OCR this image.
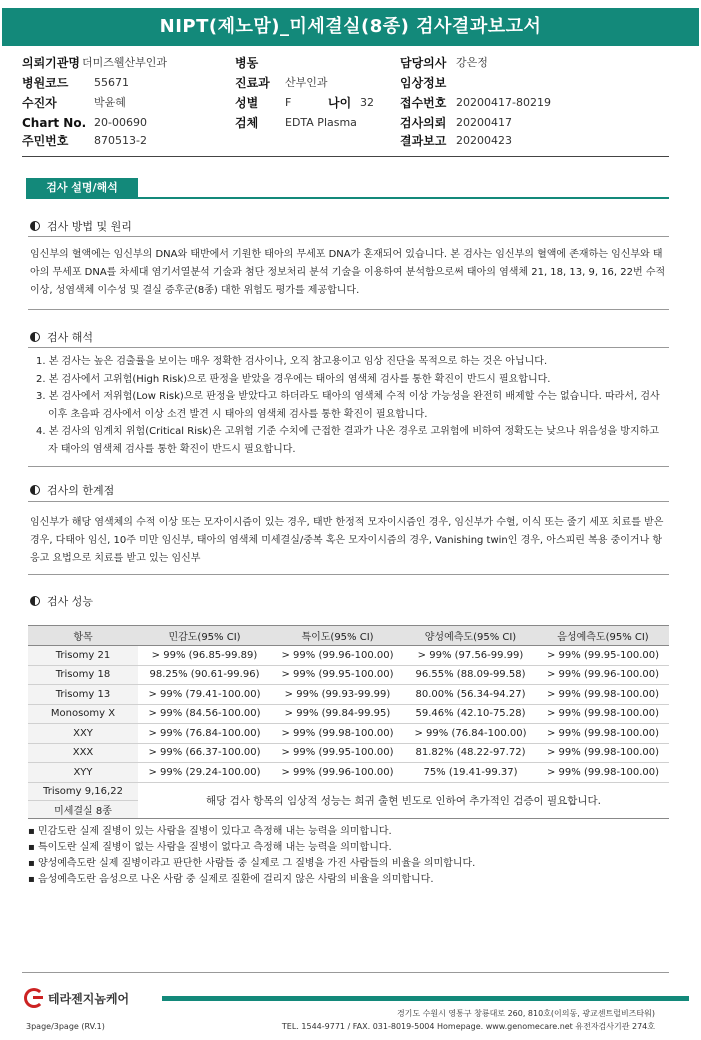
NIPT(제노맘)_미세결실(8종) 검사결과보고서
의뢰기관명 더미즈웰산부인과
병원코드 55671
수진자	박윤혜
Chart No. 20-00690
주민번호 870513-2
병동
진료과 산부인과
성별 F	나이 32
검체 EDTA Plasma
담당의사 강은정
임상정보
접수번호 20200417-80219
검사의뢰 20200417
결과보고 20200423
검사 설명/해석
검사 방법 및 원리
임신부의 혈액에는 임신부의 DNA와 태반에서 기원한 태아의 무세포 DNA가 혼재되어 있습니다. 본 검사는 임신부의 혈액에 존재하는 임신부와 태아의 무세포 DNA를 차세대 염기서열분석 기술과 첨단 정보처리 분석 기술을 이용하여 분석함으로써 태아의 염색체 21, 18, 13, 9, 16, 22번 수적 이상, 성염색체 이수성 및 결실 증후군(8종) 대한 위험도 평가를 제공합니다.
검사 해석
1. 본 검사는 높은 검출률을 보이는 매우 정확한 검사이나, 오직 참고용이고 임상 진단을 목적으로 하는 것은 아닙니다.
2. 본 검사에서 고위험(High Risk)으로 판정을 받았을 경우에는 태아의 염색체 검사를 통한 확진이 반드시 필요합니다.
3. 본 검사에서 저위험(Low Risk)으로 판정을 받았다고 하더라도 태아의 염색체 수적 이상 가능성을 완전히 배제할 수는 없습니다. 따라서, 검사 이후 초음파 검사에서 이상 소견 발견 시 태아의 염색체 검사를 통한 확진이 필요합니다.
4. 본 검사의 임계치 위험(Critical Risk)은 고위험 기준 수치에 근접한 결과가 나온 경우로 고위험에 비하여 정확도는 낮으나 위음성을 방지하고자 태아의 염색체 검사를 통한 확진이 반드시 필요합니다.
검사의 한계점
임신부가 해당 염색체의 수적 이상 또는 모자이시즘이 있는 경우, 태반 한정적 모자이시즘인 경우, 임신부가 수혈, 이식 또는 줄기 세포 치료를 받은 경우, 다태아 임신, 10주 미만 임신부, 태아의 염색체 미세결실/중복 혹은 모자이시즘의 경우, Vanishing twin인 경우, 아스피린 복용 중이거나 항 응고 요법으로 치료를 받고 있는 임신부
검사 성능
항목	민감도(95% CI)	특이도(95% CI)	양성예측도(95% CI)	음성예측도(95% CI)
Trisomy 21	> 99% (96.85-99.89)	> 99% (99.96-100.00)	> 99% (97.56-99.99)	> 99% (99.95-100.00)
Trisomy 18	98.25% (90.61-99.96)	> 99% (99.95-100.00)	96.55% (88.09-99.58)	> 99% (99.96-100.00)
Trisomy 13	> 99% (79.41-100.00)	> 99% (99.93-99.99)	80.00% (56.34-94.27)	> 99% (99.98-100.00)
Monosomy X	> 99% (84.56-100.00)	> 99% (99.84-99.95)	59.46% (42.10-75.28)	> 99% (99.98-100.00)
XXY	> 99% (76.84-100.00)	> 99% (99.98-100.00)	> 99% (76.84-100.00)	> 99% (99.98-100.00)
XXX	> 99% (66.37-100.00)	> 99% (99.95-100.00)	81.82% (48.22-97.72)	> 99% (99.98-100.00)
XYY	> 99% (29.24-100.00)	> 99% (99.96-100.00)	75% (19.41-99.37)	> 99% (99.98-100.00)
Trisomy 9,16,22	해당 검사 항목의 임상적 성능는 희귀 출현 빈도로 인하여 추가적인 검증이 필요합니다.			
미세결실 8종				
▪ 민감도란 실제 질병이 있는 사람을 질병이 있다고 측정해 내는 능력을 의미합니다.
▪ 특이도란 실제 질병이 없는 사람을 질병이 없다고 측정해 내는 능력을 의미합니다.
▪ 양성예측도란 실제 질병이라고 판단한 사람들 중 실제로 그 질병을 가진 사람들의 비율을 의미합니다.
▪ 음성예측도란 음성으로 나온 사람 중 실제로 질환에 걸리지 않은 사람의 비율을 의미합니다.
테라젠지놈케어
경기도 수원시 영통구 창룡대로 260, 810호(이의동, 광교센트럴비즈타워)
TEL. 1544-9771 / FAX. 031-8019-5004 Homepage. www.genomecare.net 유전자검사기관 274호
3page/3page (RV.1)
